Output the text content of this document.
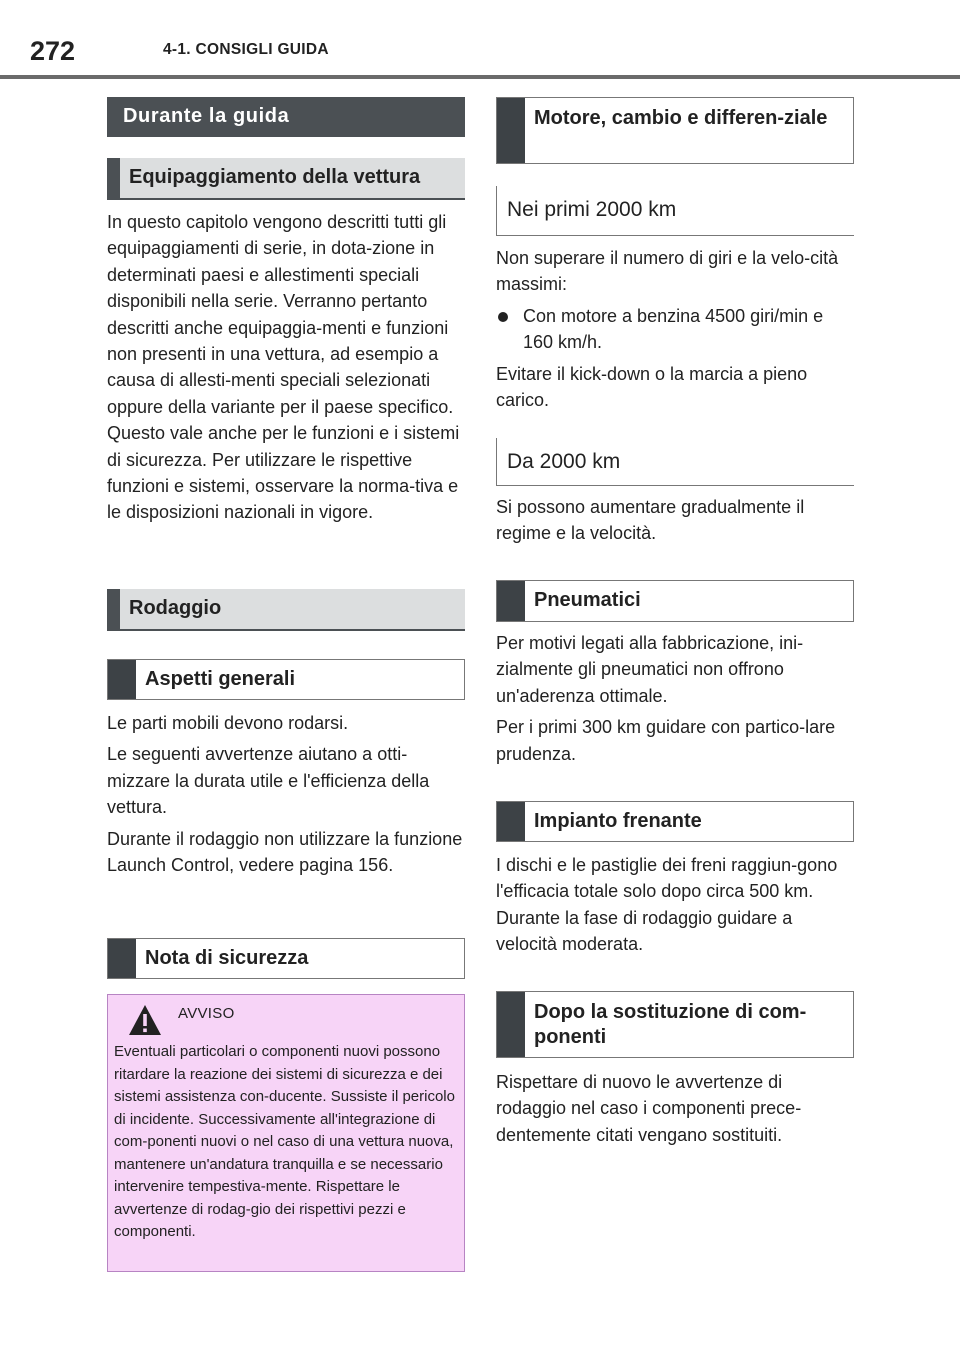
272	4-1. CONSIGLI GUIDA
Durante la guida
Equipaggiamento della vettura

In questo capitolo vengono descritti tutti gli equipaggiamenti di serie, in dota-zione in determinati paesi e allestimenti speciali disponibili nella serie. Verranno pertanto descritti anche equipaggia-menti e funzioni non presenti in una vettura, ad esempio a causa di allesti-menti speciali selezionati oppure della variante per il paese specifico. Questo vale anche per le funzioni e i sistemi di sicurezza. Per utilizzare le rispettive funzioni e sistemi, osservare la norma-tiva e le disposizioni nazionali in vigore.

Rodaggio
Aspetti generali

Le parti mobili devono rodarsi.

Le seguenti avvertenze aiutano a otti-mizzare la durata utile e l'efficienza della vettura.

Durante il rodaggio non utilizzare la funzione Launch Control, vedere pagina 156.

Nota di sicurezza
AVVISO
Eventuali particolari o componenti nuovi possono ritardare la reazione dei sistemi di sicurezza e dei sistemi assistenza con-ducente. Sussiste il pericolo di incidente. Successivamente all'integrazione di com-ponenti nuovi o nel caso di una vettura nuova, mantenere un'andatura tranquilla e se necessario intervenire tempestiva-mente. Rispettare le avvertenze di rodag-gio dei rispettivi pezzi e componenti.
Motore, cambio e differen-ziale
Nei primi 2000 km

Non superare il numero di giri e la velo-cità massimi:

Con motore a benzina 4500 giri/min e 160 km/h.

Evitare il kick-down o la marcia a pieno carico.

Da 2000 km

Si possono aumentare gradualmente il regime e la velocità.

Pneumatici

Per motivi legati alla fabbricazione, ini-zialmente gli pneumatici non offrono un'aderenza ottimale.

Per i primi 300 km guidare con partico-lare prudenza.

Impianto frenante

I dischi e le pastiglie dei freni raggiun-gono l'efficacia totale solo dopo circa 500 km. Durante la fase di rodaggio guidare a velocità moderata.

Dopo la sostituzione di com-ponenti

Rispettare di nuovo le avvertenze di rodaggio nel caso i componenti prece-dentemente citati vengano sostituiti.
